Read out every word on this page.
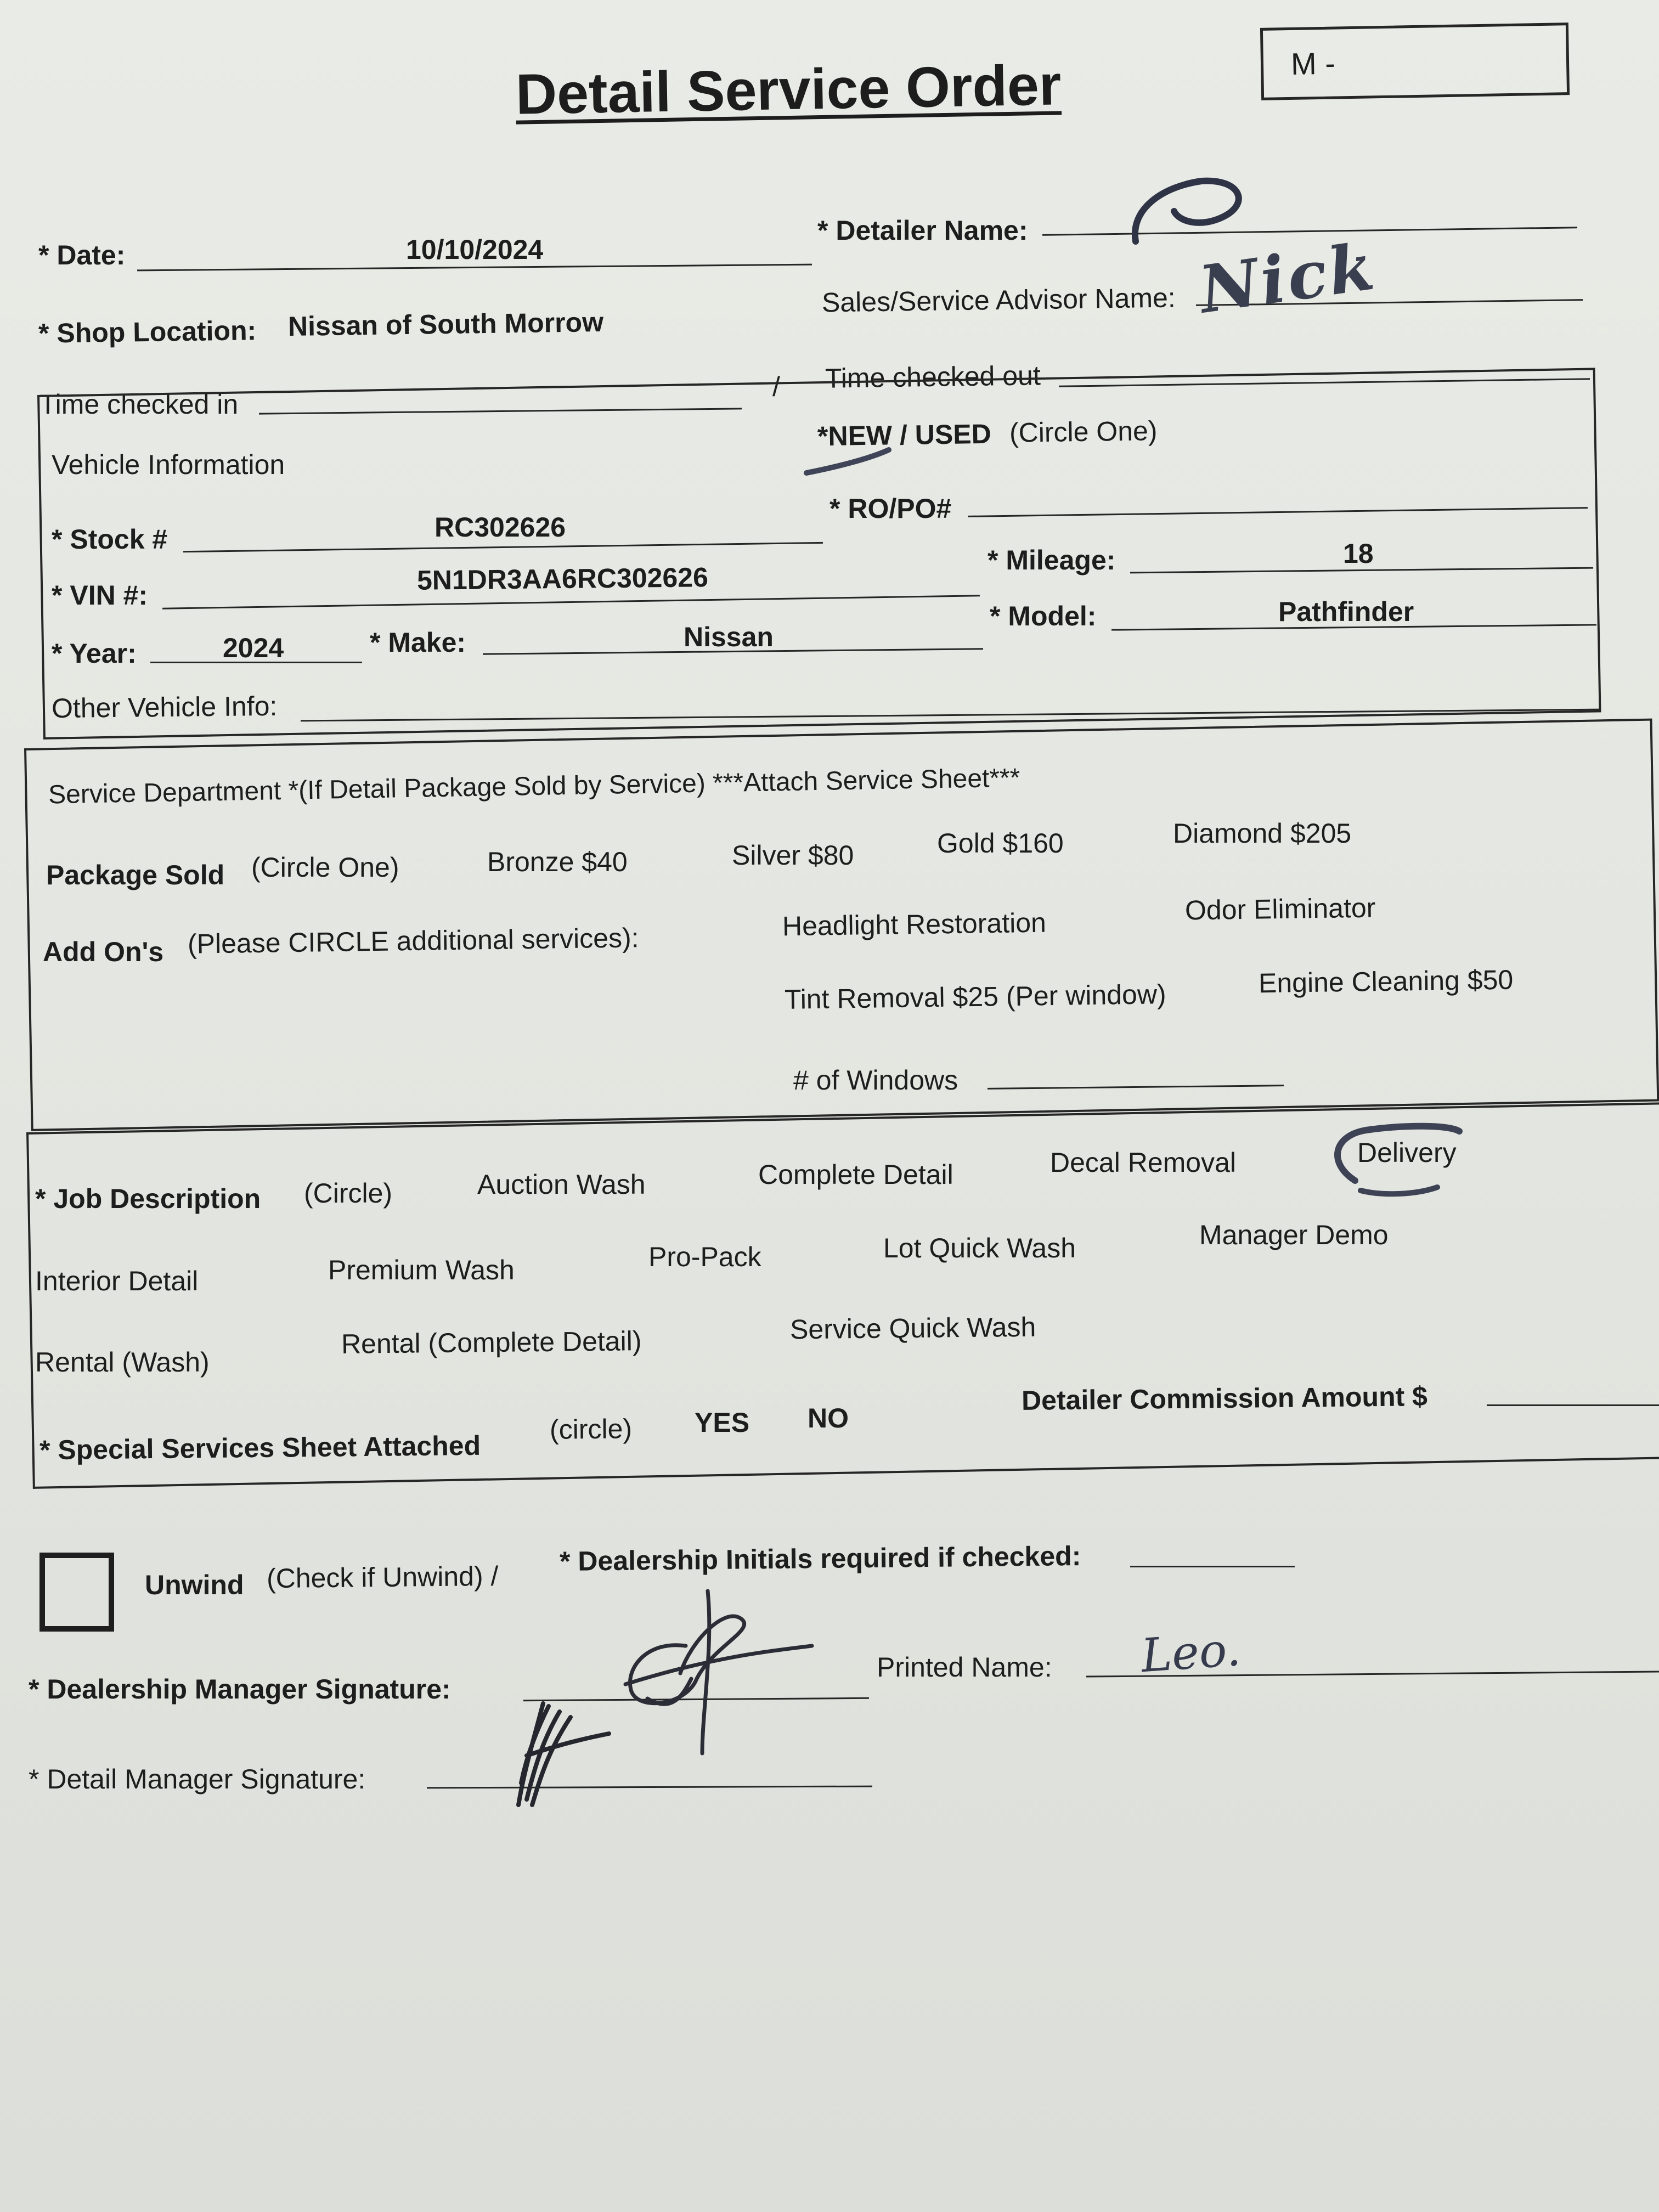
Detail Service Order	M -
* Date:	10/10/2024
* Detailer Name:
* Shop Location: Nissan of South Morrow
Sales/Service Advisor Name: Nick
Time checked in
/ Time checked out
Vehicle Information
*NEW / USED (Circle One)
* Stock #	RC302626
* RO/PO#
* VIN #:	5N1DR3AA6RC302626
* Mileage:	18
* Year:	2024	* Make:	Nissan
* Model:	Pathfinder
Other Vehicle Info:
Service Department *(If Detail Package Sold by Service) ***Attach Service Sheet***
Package Sold (Circle One)	Bronze $40	Silver $80	Gold $160	Diamond $205
Add On's (Please CIRCLE additional services):	Headlight Restoration	Odor Eliminator
Tint Removal $25 (Per window)	Engine Cleaning $50
# of Windows
* Job Description (Circle)	Auction Wash	Complete Detail	Decal Removal	Delivery
Interior Detail	Premium Wash	Pro-Pack	Lot Quick Wash	Manager Demo
Rental (Wash)
Rental (Complete Detail)	Service Quick Wash
* Special Services Sheet Attached
(circle) YES NO
Detailer Commission Amount $
Unwind (Check if Unwind) /
* Dealership Initials required if checked:
* Dealership Manager Signature:
Printed Name: Leo.
* Detail Manager Signature:
